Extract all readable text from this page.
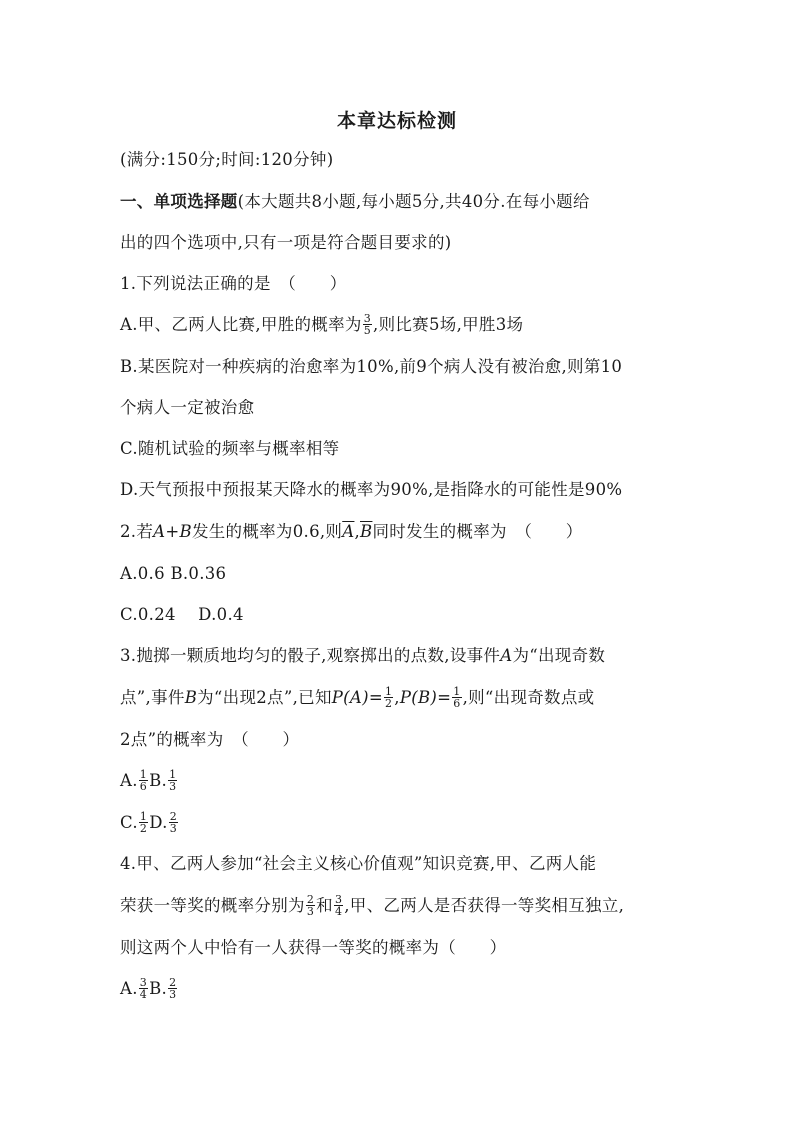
本章达标检测
(满分:150分;时间:120分钟)
一、单项选择题(本大题共8小题,每小题5分,共40分.在每小题给
出的四个选项中,只有一项是符合题目要求的)
1.下列说法正确的是　（　　）
A.甲、乙两人比赛,甲胜的概率为 $\frac{3}{5}$ ,则比赛5场,甲胜3场
B.某医院对一种疾病的治愈率为10%,前9个病人没有被治愈,则第10
个病人一定被治愈
C.随机试验的频率与概率相等
D.天气预报中预报某天降水的概率为90%,是指降水的可能性是90%
2.若A+B发生的概率为0.6,则$\overline{A},\overline{B}$同时发生的概率为　（　　）
A.0.6 B.0.36
C.0.24　 D.0.4
3.抛掷一颗质地均匀的骰子,观察掷出的点数,设事件A为“出现奇数
点”,事件B为“出现2点”,已知$P(A)= \frac{1}{2} ,P(B)= \frac{1}{6}$ ,则“出现奇数点或
2点”的概率为　（　　）
A. $\frac{1}{6} B$. $\frac{1}{3}$
C. $\frac{1}{2} D$. $\frac{2}{3}$
4.甲、乙两人参加“社会主义核心价值观”知识竞赛,甲、乙两人能
荣获一等奖的概率分别为 $\frac{2}{3}$ 和 $\frac{3}{4}$ ,甲、乙两人是否获得一等奖相互独立,
则这两个人中恰有一人获得一等奖的概率为（　　）
A. $\frac{3}{4} B$. $\frac{2}{3}$
